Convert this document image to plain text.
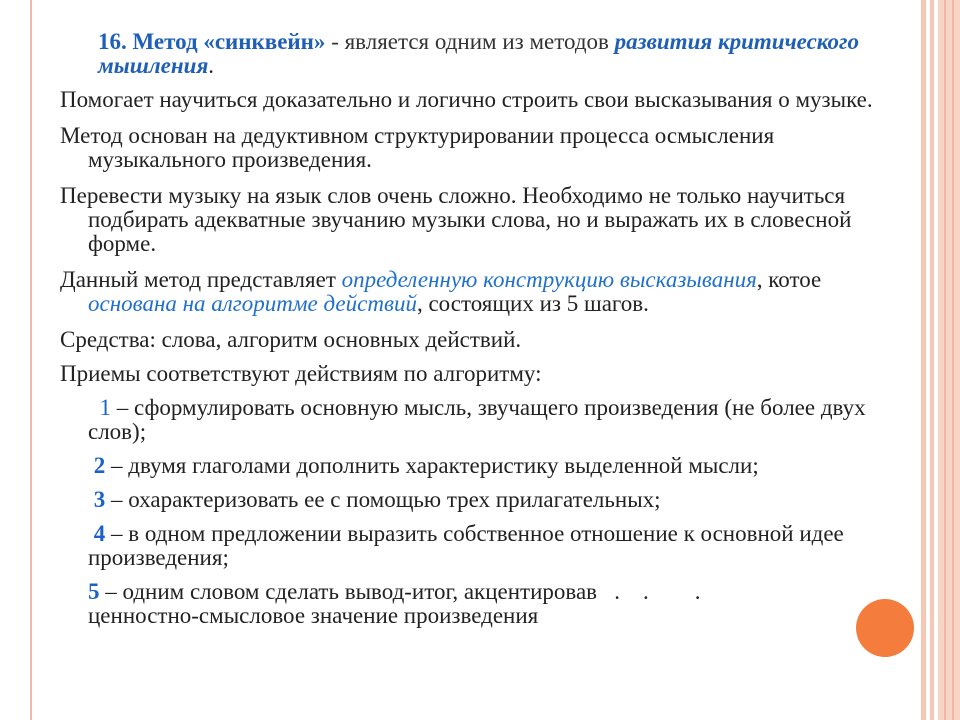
16. Метод «синквейн» - является одним из методов развития критического мышления.

Помогает научиться доказательно и логично строить свои высказывания о музыке.

Метод основан на дедуктивном структурировании процесса осмысления музыкального произведения.

Перевести музыку на язык слов очень сложно. Необходимо не только научиться подбирать адекватные звучанию музыки слова, но и выражать их в словесной форме.

Данный метод представляет определенную конструкцию высказывания, котое основана на алгоритме действий, состоящих из 5 шагов.

Средства: слова, алгоритм основных действий.

Приемы соответствуют действиям по алгоритму:

1 – сформулировать основную мысль, звучащего произведения (не более двух слов);

2 – двумя глаголами дополнить характеристику выделенной мысли;

3 – охарактеризовать ее с помощью трех прилагательных;

4 – в одном предложении выразить собственное отношение к основной идее произведения;

5 – одним словом сделать вывод-итог, акцентировав   .    .        .
ценностно-смысловое значение произведения
